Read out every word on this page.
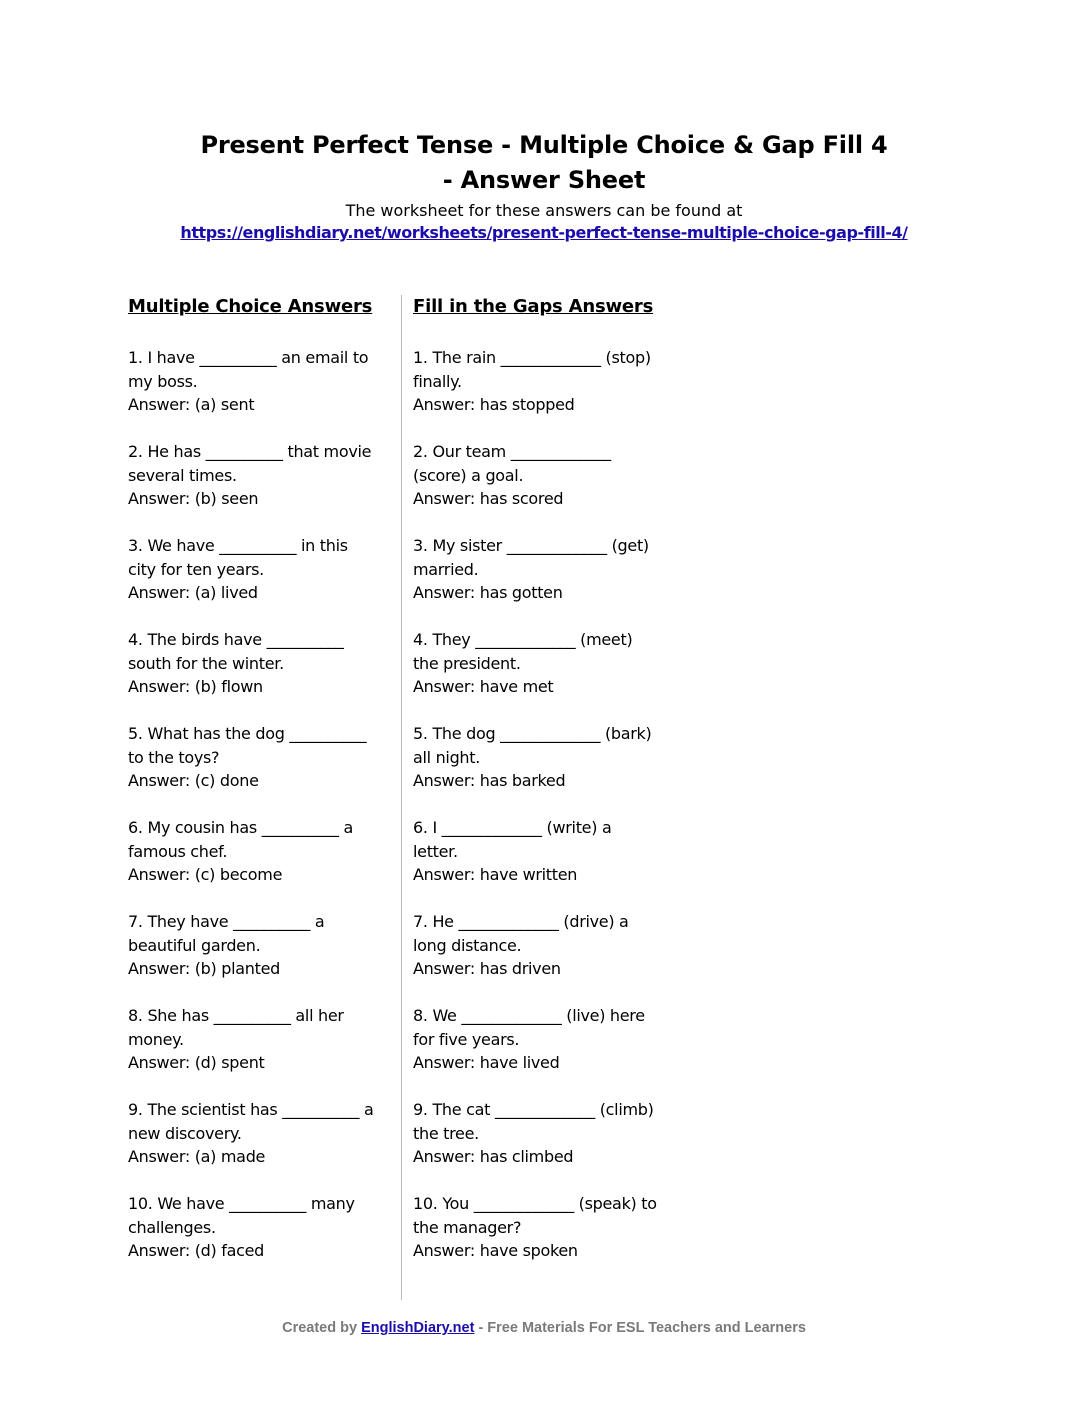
Present Perfect Tense - Multiple Choice & Gap Fill 4
- Answer Sheet
The worksheet for these answers can be found at
https://englishdiary.net/worksheets/present-perfect-tense-multiple-choice-gap-fill-4/
Multiple Choice Answers
1. I have __________ an email to
my boss.
Answer: (a) sent
2. He has __________ that movie
several times.
Answer: (b) seen
3. We have __________ in this
city for ten years.
Answer: (a) lived
4. The birds have __________
south for the winter.
Answer: (b) flown
5. What has the dog __________
to the toys?
Answer: (c) done
6. My cousin has __________ a
famous chef.
Answer: (c) become
7. They have __________ a
beautiful garden.
Answer: (b) planted
8. She has __________ all her
money.
Answer: (d) spent
9. The scientist has __________ a
new discovery.
Answer: (a) made
10. We have __________ many
challenges.
Answer: (d) faced
Fill in the Gaps Answers
1. The rain _____________ (stop)
finally.
Answer: has stopped
2. Our team _____________
(score) a goal.
Answer: has scored
3. My sister _____________ (get)
married.
Answer: has gotten
4. They _____________ (meet)
the president.
Answer: have met
5. The dog _____________ (bark)
all night.
Answer: has barked
6. I _____________ (write) a
letter.
Answer: have written
7. He _____________ (drive) a
long distance.
Answer: has driven
8. We _____________ (live) here
for five years.
Answer: have lived
9. The cat _____________ (climb)
the tree.
Answer: has climbed
10. You _____________ (speak) to
the manager?
Answer: have spoken
Created by EnglishDiary.net - Free Materials For ESL Teachers and Learners
